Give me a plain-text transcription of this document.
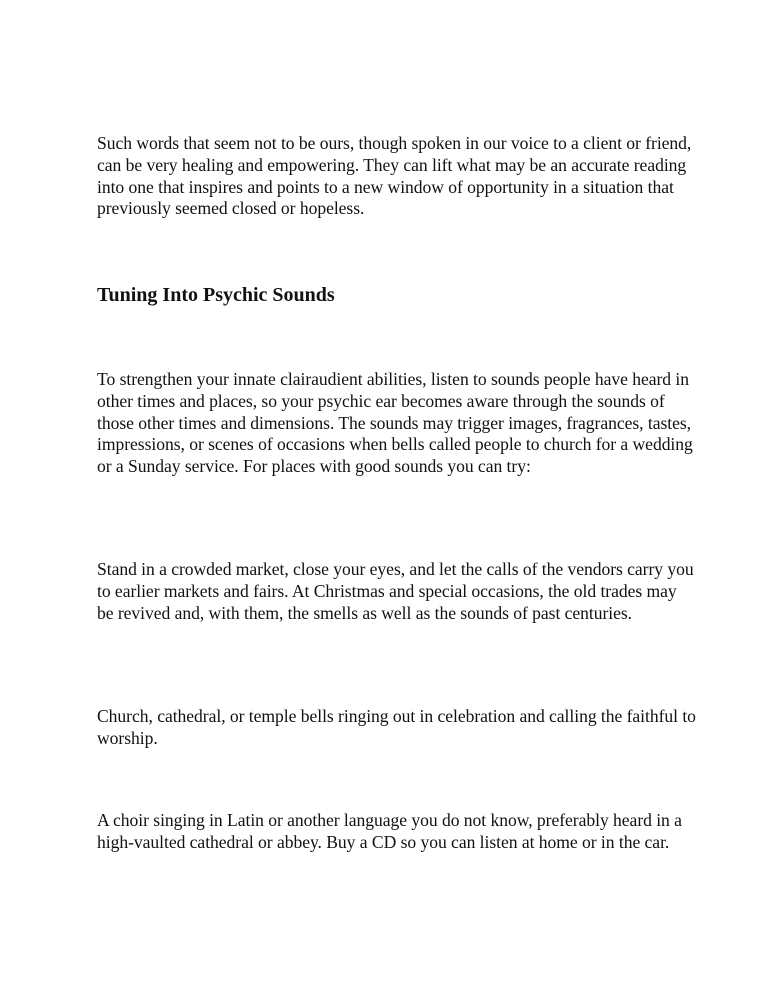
Such words that seem not to be ours, though spoken in our voice to a client or friend, can be very healing and empowering. They can lift what may be an accurate reading into one that inspires and points to a new window of opportunity in a situation that previously seemed closed or hopeless.

Tuning Into Psychic Sounds

To strengthen your innate clairaudient abilities, listen to sounds people have heard in other times and places, so your psychic ear becomes aware through the sounds of those other times and dimensions. The sounds may trigger images, fragrances, tastes, impressions, or scenes of occasions when bells called people to church for a wedding or a Sunday service. For places with good sounds you can try:

Stand in a crowded market, close your eyes, and let the calls of the vendors carry you to earlier markets and fairs. At Christmas and special occasions, the old trades may be revived and, with them, the smells as well as the sounds of past centuries.

Church, cathedral, or temple bells ringing out in celebration and calling the faithful to worship.

A choir singing in Latin or another language you do not know, preferably heard in a high-vaulted cathedral or abbey. Buy a CD so you can listen at home or in the car.
